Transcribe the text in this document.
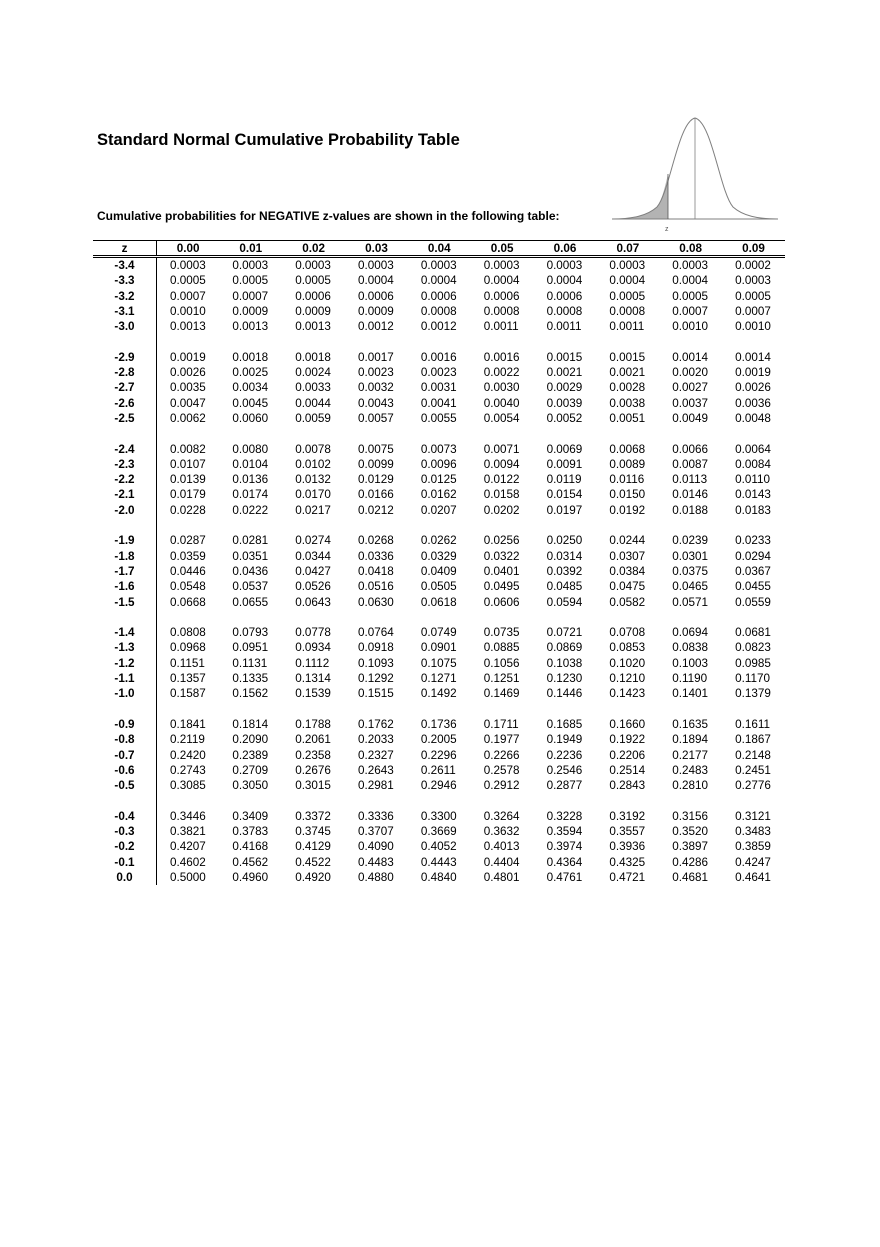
Standard Normal Cumulative Probability Table
Cumulative probabilities for NEGATIVE z-values are shown in the following table:
z
z	0.00	0.01	0.02	0.03	0.04	0.05	0.06	0.07	0.08	0.09
-3.4	0.0003	0.0003	0.0003	0.0003	0.0003	0.0003	0.0003	0.0003	0.0003	0.0002
-3.3	0.0005	0.0005	0.0005	0.0004	0.0004	0.0004	0.0004	0.0004	0.0004	0.0003
-3.2	0.0007	0.0007	0.0006	0.0006	0.0006	0.0006	0.0006	0.0005	0.0005	0.0005
-3.1	0.0010	0.0009	0.0009	0.0009	0.0008	0.0008	0.0008	0.0008	0.0007	0.0007
-3.0	0.0013	0.0013	0.0013	0.0012	0.0012	0.0011	0.0011	0.0011	0.0010	0.0010

-2.9	0.0019	0.0018	0.0018	0.0017	0.0016	0.0016	0.0015	0.0015	0.0014	0.0014
-2.8	0.0026	0.0025	0.0024	0.0023	0.0023	0.0022	0.0021	0.0021	0.0020	0.0019
-2.7	0.0035	0.0034	0.0033	0.0032	0.0031	0.0030	0.0029	0.0028	0.0027	0.0026
-2.6	0.0047	0.0045	0.0044	0.0043	0.0041	0.0040	0.0039	0.0038	0.0037	0.0036
-2.5	0.0062	0.0060	0.0059	0.0057	0.0055	0.0054	0.0052	0.0051	0.0049	0.0048

-2.4	0.0082	0.0080	0.0078	0.0075	0.0073	0.0071	0.0069	0.0068	0.0066	0.0064
-2.3	0.0107	0.0104	0.0102	0.0099	0.0096	0.0094	0.0091	0.0089	0.0087	0.0084
-2.2	0.0139	0.0136	0.0132	0.0129	0.0125	0.0122	0.0119	0.0116	0.0113	0.0110
-2.1	0.0179	0.0174	0.0170	0.0166	0.0162	0.0158	0.0154	0.0150	0.0146	0.0143
-2.0	0.0228	0.0222	0.0217	0.0212	0.0207	0.0202	0.0197	0.0192	0.0188	0.0183

-1.9	0.0287	0.0281	0.0274	0.0268	0.0262	0.0256	0.0250	0.0244	0.0239	0.0233
-1.8	0.0359	0.0351	0.0344	0.0336	0.0329	0.0322	0.0314	0.0307	0.0301	0.0294
-1.7	0.0446	0.0436	0.0427	0.0418	0.0409	0.0401	0.0392	0.0384	0.0375	0.0367
-1.6	0.0548	0.0537	0.0526	0.0516	0.0505	0.0495	0.0485	0.0475	0.0465	0.0455
-1.5	0.0668	0.0655	0.0643	0.0630	0.0618	0.0606	0.0594	0.0582	0.0571	0.0559

-1.4	0.0808	0.0793	0.0778	0.0764	0.0749	0.0735	0.0721	0.0708	0.0694	0.0681
-1.3	0.0968	0.0951	0.0934	0.0918	0.0901	0.0885	0.0869	0.0853	0.0838	0.0823
-1.2	0.1151	0.1131	0.1112	0.1093	0.1075	0.1056	0.1038	0.1020	0.1003	0.0985
-1.1	0.1357	0.1335	0.1314	0.1292	0.1271	0.1251	0.1230	0.1210	0.1190	0.1170
-1.0	0.1587	0.1562	0.1539	0.1515	0.1492	0.1469	0.1446	0.1423	0.1401	0.1379

-0.9	0.1841	0.1814	0.1788	0.1762	0.1736	0.1711	0.1685	0.1660	0.1635	0.1611
-0.8	0.2119	0.2090	0.2061	0.2033	0.2005	0.1977	0.1949	0.1922	0.1894	0.1867
-0.7	0.2420	0.2389	0.2358	0.2327	0.2296	0.2266	0.2236	0.2206	0.2177	0.2148
-0.6	0.2743	0.2709	0.2676	0.2643	0.2611	0.2578	0.2546	0.2514	0.2483	0.2451
-0.5	0.3085	0.3050	0.3015	0.2981	0.2946	0.2912	0.2877	0.2843	0.2810	0.2776

-0.4	0.3446	0.3409	0.3372	0.3336	0.3300	0.3264	0.3228	0.3192	0.3156	0.3121
-0.3	0.3821	0.3783	0.3745	0.3707	0.3669	0.3632	0.3594	0.3557	0.3520	0.3483
-0.2	0.4207	0.4168	0.4129	0.4090	0.4052	0.4013	0.3974	0.3936	0.3897	0.3859
-0.1	0.4602	0.4562	0.4522	0.4483	0.4443	0.4404	0.4364	0.4325	0.4286	0.4247
0.0	0.5000	0.4960	0.4920	0.4880	0.4840	0.4801	0.4761	0.4721	0.4681	0.4641
